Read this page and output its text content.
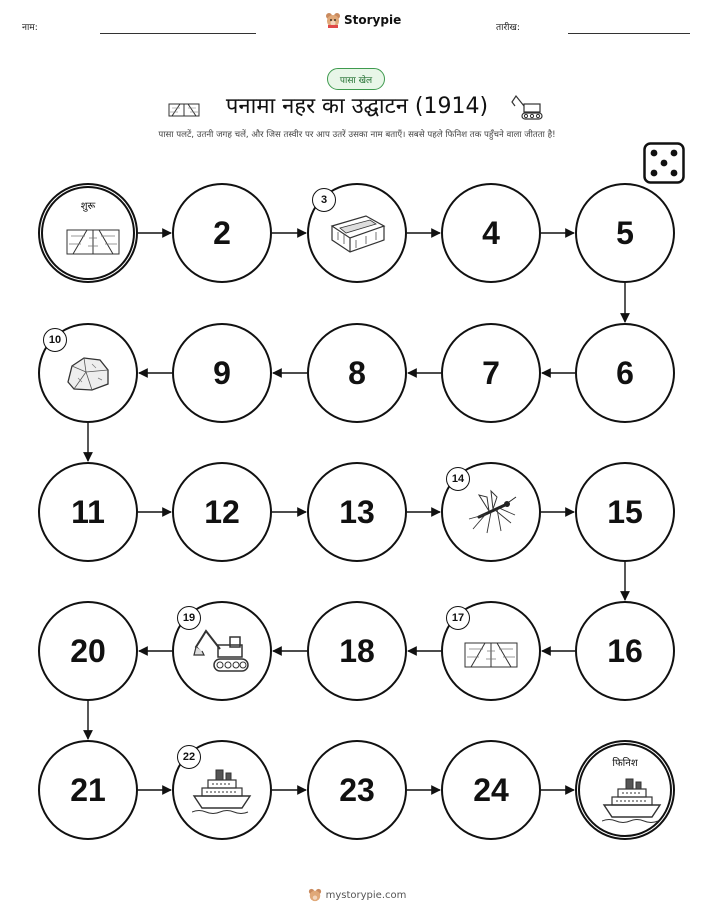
नाम:
Storypie
तारीख:
पासा खेल
पनामा नहर का उद्घाटन (1914)
पासा पलटें, उतनी जगह चलें, और जिस तस्वीर पर आप उतरें उसका नाम बताएँ। सबसे पहले फिनिश तक पहुँचने वाला जीतता है!
शुरू
2
3
4	5
6
7
8
9
10
11	12	13
14
15
16
17
18
19
20
21
22
23	24
फिनिश
mystorypie.com
